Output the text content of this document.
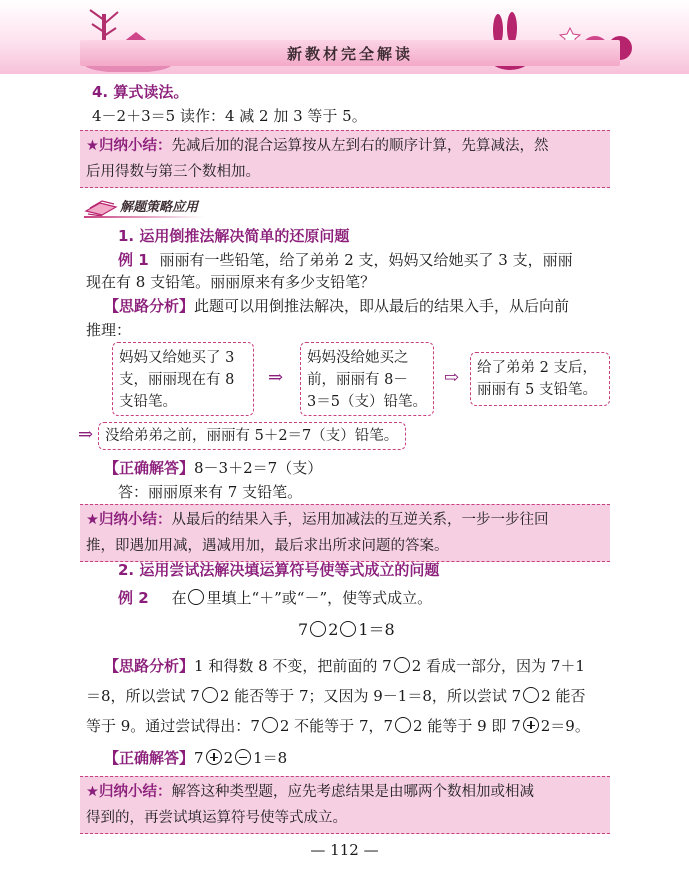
新教材完全解读
4. 算式读法。
4－2＋3＝5 读作：4 减 2 加 3 等于 5。
★归纳小结：先减后加的混合运算按从左到右的顺序计算，先算减法，然
后用得数与第三个数相加。
解题策略应用
1. 运用倒推法解决简单的还原问题
例 1 丽丽有一些铅笔，给了弟弟 2 支，妈妈又给她买了 3 支，丽丽
现在有 8 支铅笔。丽丽原来有多少支铅笔？
【思路分析】此题可以用倒推法解决，即从最后的结果入手，从后向前
推理：
妈妈又给她买了 3
支，丽丽现在有 8
支铅笔。
⇒
妈妈没给她买之
前，丽丽有 8－
3＝5（支）铅笔。
⇨ 给了弟弟 2 支后，
丽丽有 5 支铅笔。
⇒ 没给弟弟之前，丽丽有 5＋2＝7（支）铅笔。
【正确解答】8－3＋2＝7（支）
答：丽丽原来有 7 支铅笔。
★归纳小结：从最后的结果入手，运用加减法的互逆关系，一步一步往回
推，即遇加用减，遇减用加，最后求出所求问题的答案。
2. 运用尝试法解决填运算符号使等式成立的问题
例 2 在 里填上“＋”或“－”，使等式成立。
7 2 1＝8
【思路分析】1 和得数 8 不变，把前面的 7 2 看成一部分，因为 7＋1
＝8，所以尝试 7 2 能否等于 7；又因为 9－1＝8，所以尝试 7 2 能否
等于 9。通过尝试得出：7 2 不能等于 7，7 2 能等于 9 即 7 2＝9。
【正确解答】7 2 1＝8
★归纳小结：解答这种类型题，应先考虑结果是由哪两个数相加或相减
得到的，再尝试填运算符号使等式成立。
— 112 —
